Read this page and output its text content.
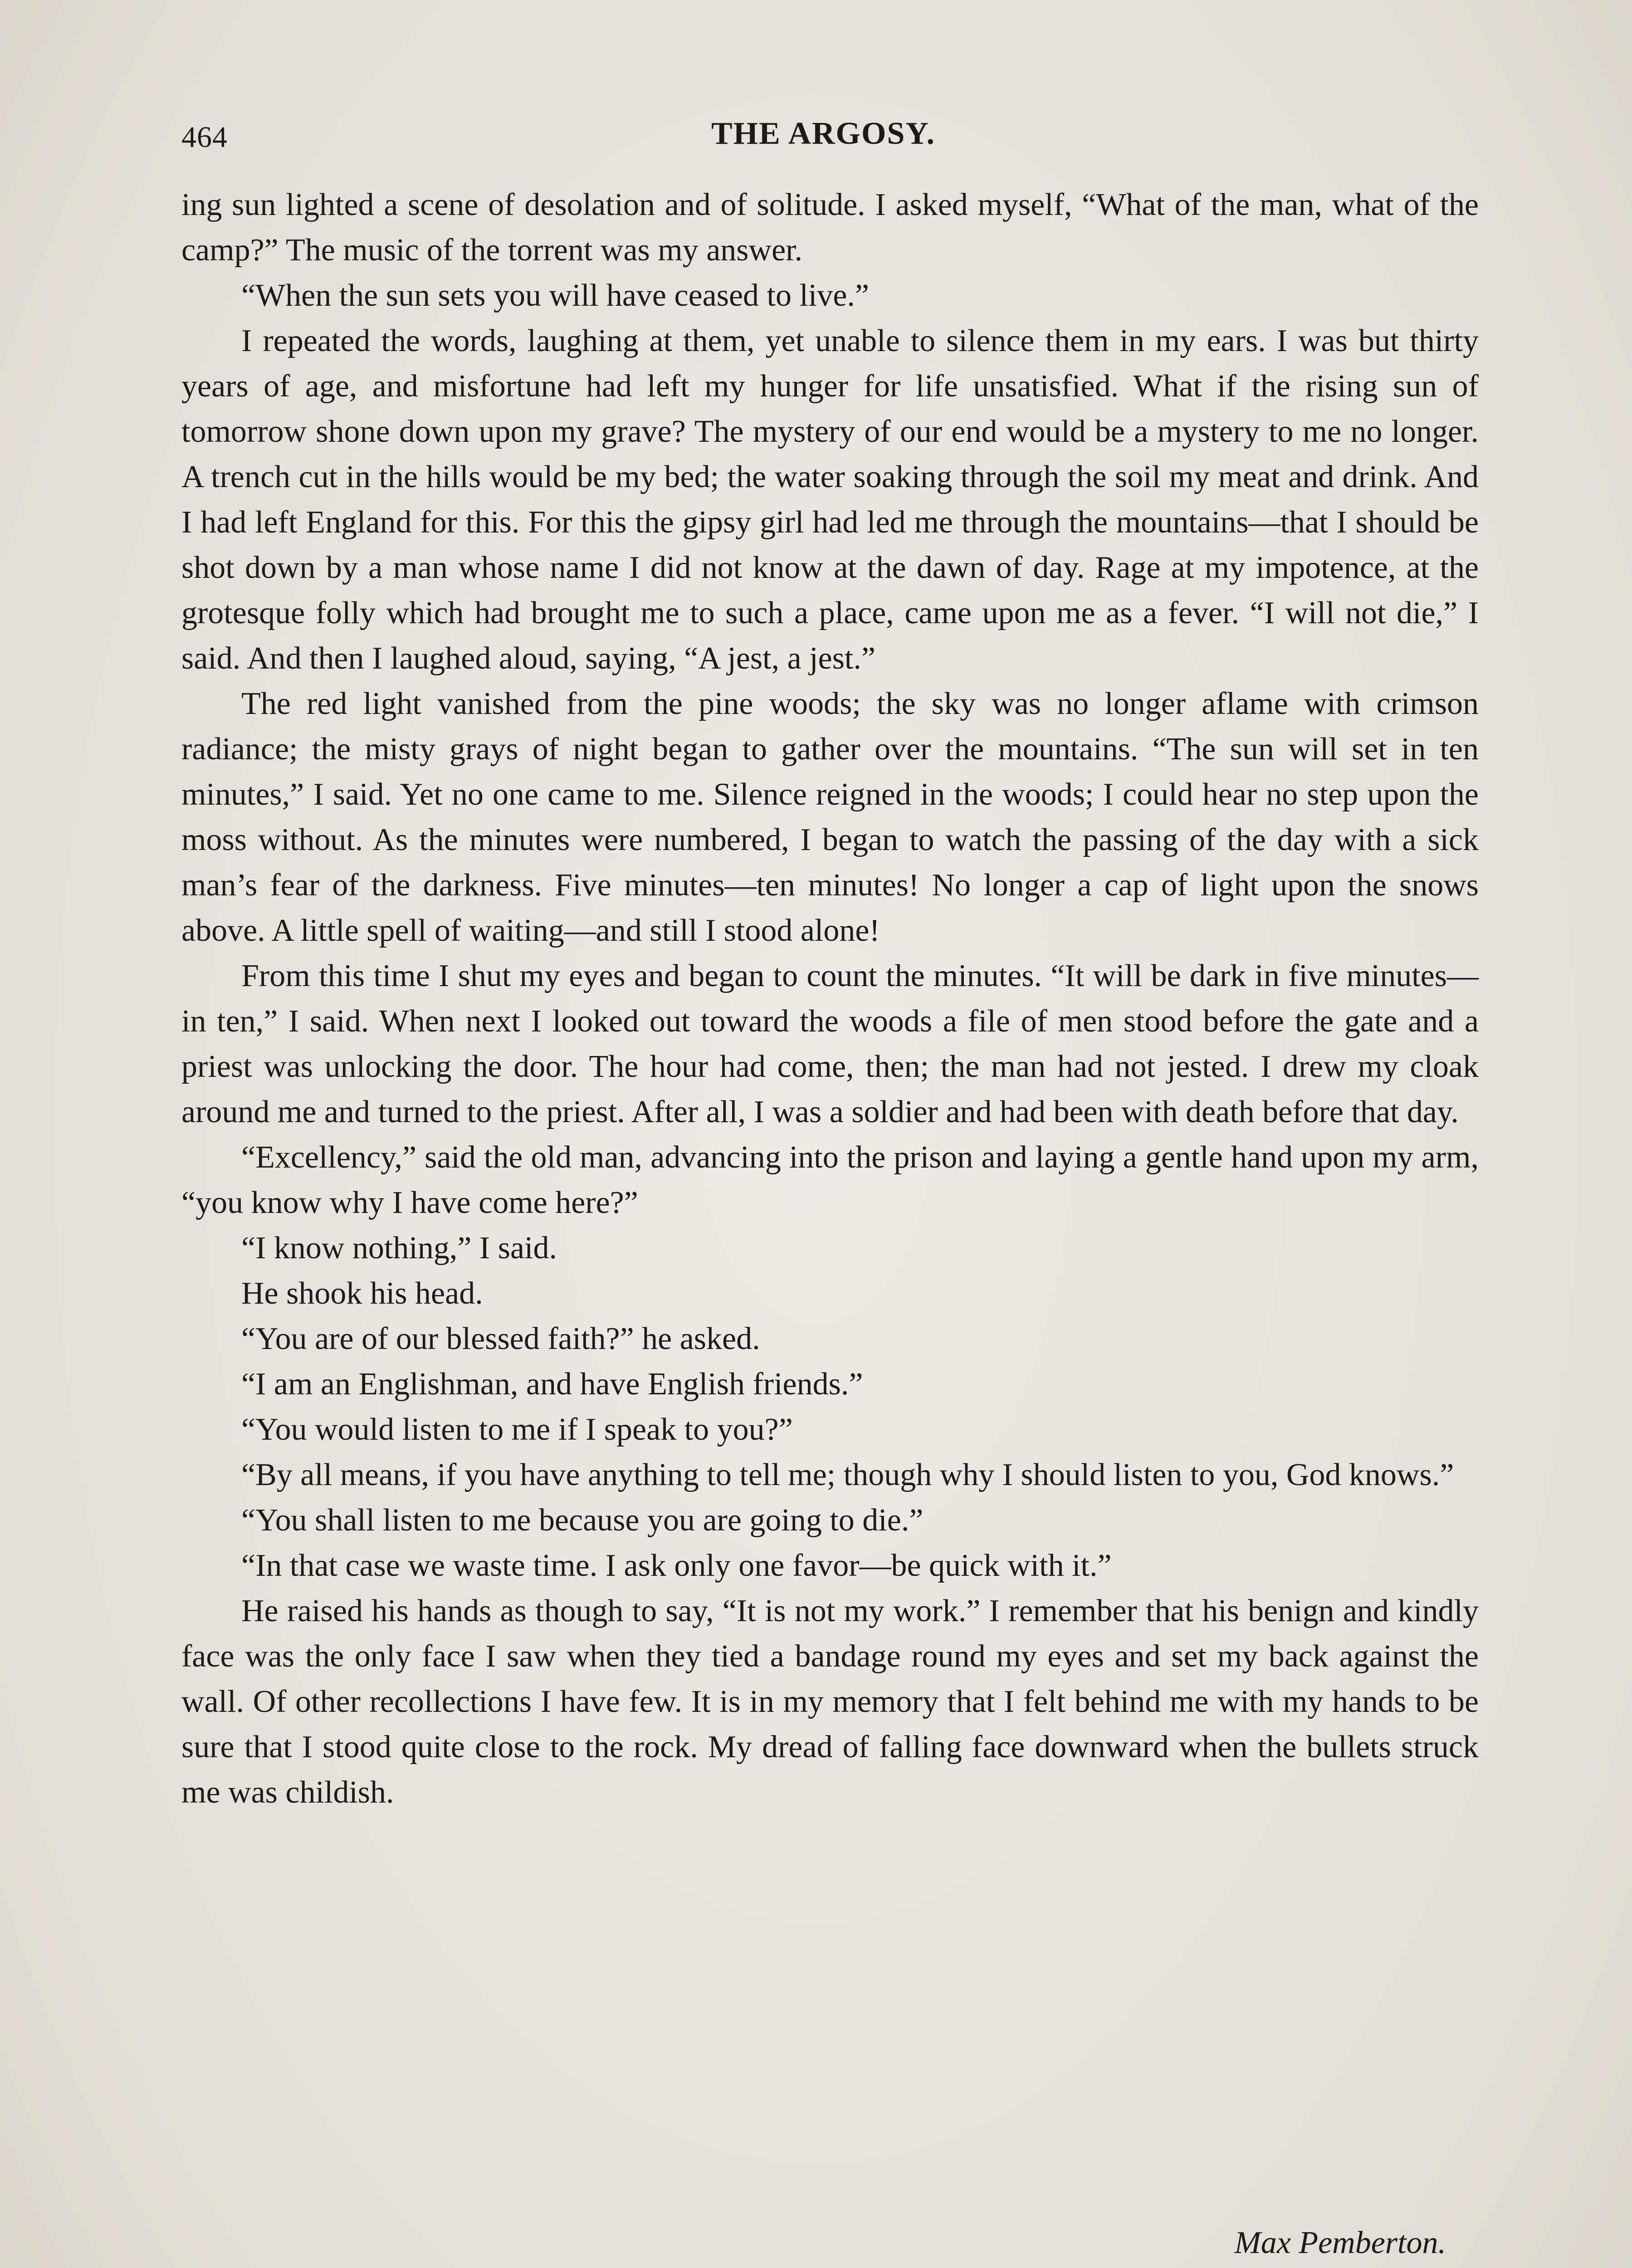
464	THE ARGOSY.

ing sun lighted a scene of desolation and of solitude. I asked myself, “What of the man, what of the camp?” The music of the torrent was my answer.

“When the sun sets you will have ceased to live.”

I repeated the words, laughing at them, yet unable to silence them in my ears. I was but thirty years of age, and misfortune had left my hunger for life unsatisfied. What if the rising sun of tomorrow shone down upon my grave? The mystery of our end would be a mystery to me no longer. A trench cut in the hills would be my bed; the water soaking through the soil my meat and drink. And I had left England for this. For this the gipsy girl had led me through the mountains—that I should be shot down by a man whose name I did not know at the dawn of day. Rage at my impotence, at the grotesque folly which had brought me to such a place, came upon me as a fever. “I will not die,” I said. And then I laughed aloud, saying, “A jest, a jest.”

The red light vanished from the pine woods; the sky was no longer aflame with crimson radiance; the misty grays of night began to gather over the mountains. “The sun will set in ten minutes,” I said. Yet no one came to me. Silence reigned in the woods; I could hear no step upon the moss without. As the minutes were numbered, I began to watch the passing of the day with a sick man’s fear of the darkness. Five minutes—ten minutes! No longer a cap of light upon the snows above. A little spell of waiting—and still I stood alone!

From this time I shut my eyes and began to count the minutes. “It will be dark in five minutes—in ten,” I said. When next I looked out toward the woods a file of men stood before the gate and a priest was unlocking the door. The hour had come, then; the man had not jested. I drew my cloak around me and turned to the priest. After all, I was a soldier and had been with death before that day.

“Excellency,” said the old man, advancing into the prison and laying a gentle hand upon my arm, “you know why I have come here?”

“I know nothing,” I said.

He shook his head.

“You are of our blessed faith?” he asked.

“I am an Englishman, and have English friends.”

“You would listen to me if I speak to you?”

“By all means, if you have anything to tell me; though why I should listen to you, God knows.”

“You shall listen to me because you are going to die.”

“In that case we waste time. I ask only one favor—be quick with it.”

He raised his hands as though to say, “It is not my work.” I remember that his benign and kindly face was the only face I saw when they tied a bandage round my eyes and set my back against the wall. Of other recollections I have few. It is in my memory that I felt behind me with my hands to be sure that I stood quite close to the rock. My dread of falling face downward when the bullets struck me was childish.

Max Pemberton.
